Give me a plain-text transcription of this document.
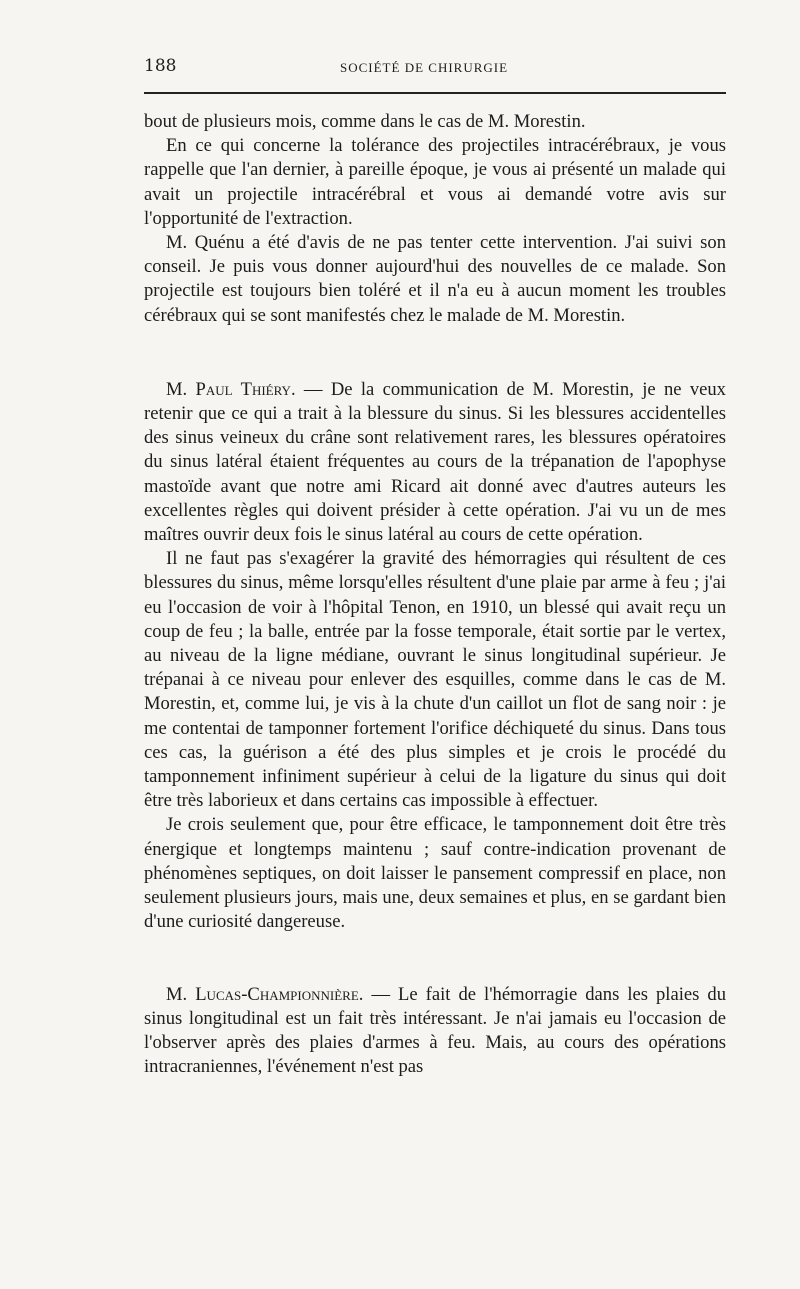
188	SOCIÉTÉ DE CHIRURGIE

bout de plusieurs mois, comme dans le cas de M. Morestin.

En ce qui concerne la tolérance des projectiles intracérébraux, je vous rappelle que l'an dernier, à pareille époque, je vous ai présenté un malade qui avait un projectile intracérébral et vous ai demandé votre avis sur l'opportunité de l'extraction.

M. Quénu a été d'avis de ne pas tenter cette intervention. J'ai suivi son conseil. Je puis vous donner aujourd'hui des nouvelles de ce malade. Son projectile est toujours bien toléré et il n'a eu à aucun moment les troubles cérébraux qui se sont manifestés chez le malade de M. Morestin.

M. Paul Thiéry. — De la communication de M. Morestin, je ne veux retenir que ce qui a trait à la blessure du sinus. Si les blessures accidentelles des sinus veineux du crâne sont relativement rares, les blessures opératoires du sinus latéral étaient fréquentes au cours de la trépanation de l'apophyse mastoïde avant que notre ami Ricard ait donné avec d'autres auteurs les excellentes règles qui doivent présider à cette opération. J'ai vu un de mes maîtres ouvrir deux fois le sinus latéral au cours de cette opération.

Il ne faut pas s'exagérer la gravité des hémorragies qui résultent de ces blessures du sinus, même lorsqu'elles résultent d'une plaie par arme à feu ; j'ai eu l'occasion de voir à l'hôpital Tenon, en 1910, un blessé qui avait reçu un coup de feu ; la balle, entrée par la fosse temporale, était sortie par le vertex, au niveau de la ligne médiane, ouvrant le sinus longitudinal supérieur. Je trépanai à ce niveau pour enlever des esquilles, comme dans le cas de M. Morestin, et, comme lui, je vis à la chute d'un caillot un flot de sang noir : je me contentai de tamponner fortement l'orifice déchiqueté du sinus. Dans tous ces cas, la guérison a été des plus simples et je crois le procédé du tamponnement infiniment supérieur à celui de la ligature du sinus qui doit être très laborieux et dans certains cas impossible à effectuer.

Je crois seulement que, pour être efficace, le tamponnement doit être très énergique et longtemps maintenu ; sauf contre-indication provenant de phénomènes septiques, on doit laisser le pansement compressif en place, non seulement plusieurs jours, mais une, deux semaines et plus, en se gardant bien d'une curiosité dangereuse.

M. Lucas-Championnière. — Le fait de l'hémorragie dans les plaies du sinus longitudinal est un fait très intéressant. Je n'ai jamais eu l'occasion de l'observer après des plaies d'armes à feu. Mais, au cours des opérations intracraniennes, l'événement n'est pas
